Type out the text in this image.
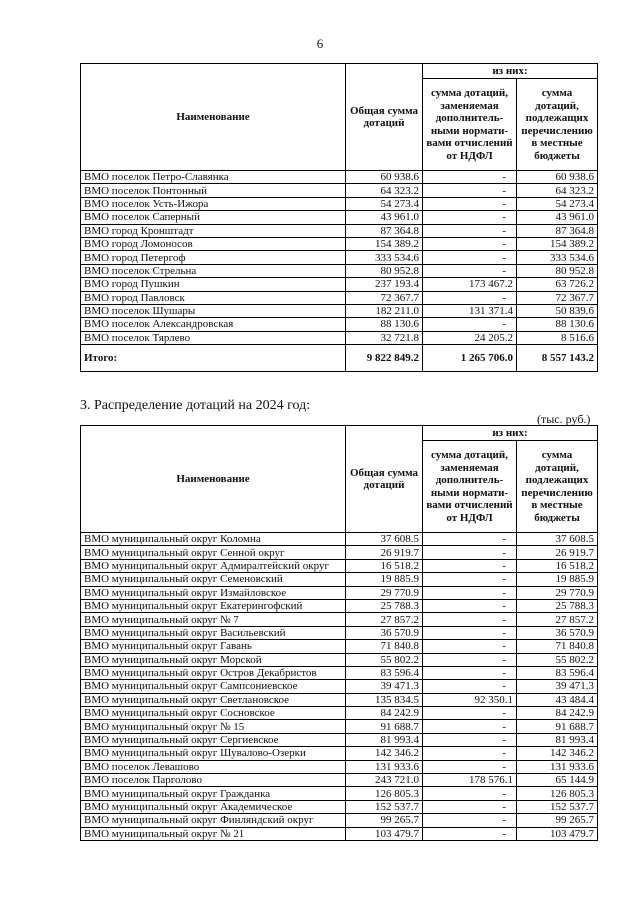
6
Наименование	Общая сумма дотаций	из них:	
		сумма дотаций, заменяемая дополнитель-ными нормати-вами отчислений от НДФЛ	сумма дотаций, подлежащих перечислению в местные бюджеты
ВМО поселок Петро-Славянка	60 938.6	-	60 938.6
ВМО поселок Понтонный	64 323.2	-	64 323.2
ВМО поселок Усть-Ижора	54 273.4	-	54 273.4
ВМО поселок Саперный	43 961.0	-	43 961.0
ВМО город Кронштадт	87 364.8	-	87 364.8
ВМО город Ломоносов	154 389.2	-	154 389.2
ВМО город Петергоф	333 534.6	-	333 534.6
ВМО поселок Стрельна	80 952.8	-	80 952.8
ВМО город Пушкин	237 193.4	173 467.2	63 726.2
ВМО город Павловск	72 367.7	-	72 367.7
ВМО поселок Шушары	182 211.0	131 371.4	50 839.6
ВМО поселок Александровская	88 130.6	-	88 130.6
ВМО поселок Тярлево	32 721.8	24 205.2	8 516.6
Итого:	9 822 849.2	1 265 706.0	8 557 143.2
3. Распределение дотаций на 2024 год:
(тыс. руб.)
Наименование	Общая сумма дотаций	из них:	
		сумма дотаций, заменяемая дополнитель-ными нормати-вами отчислений от НДФЛ	сумма дотаций, подлежащих перечислению в местные бюджеты
ВМО муниципальный округ Коломна	37 608.5	-	37 608.5
ВМО муниципальный округ Сенной округ	26 919.7	-	26 919.7
ВМО муниципальный округ Адмиралтейский округ	16 518.2	-	16 518.2
ВМО муниципальный округ Семеновский	19 885.9	-	19 885.9
ВМО муниципальный округ Измайловское	29 770.9	-	29 770.9
ВМО муниципальный округ Екатерингофский	25 788.3	-	25 788.3
ВМО муниципальный округ № 7	27 857.2	-	27 857.2
ВМО муниципальный округ Васильевский	36 570.9	-	36 570.9
ВМО муниципальный округ Гавань	71 840.8	-	71 840.8
ВМО муниципальный округ Морской	55 802.2	-	55 802.2
ВМО муниципальный округ Остров Декабристов	83 596.4	-	83 596.4
ВМО муниципальный округ Сампсониевское	39 471.3	-	39 471.3
ВМО муниципальный округ Светлановское	135 834.5	92 350.1	43 484.4
ВМО муниципальный округ Сосновское	84 242.9	-	84 242.9
ВМО муниципальный округ № 15	91 688.7	-	91 688.7
ВМО муниципальный округ Сергиевское	81 993.4	-	81 993.4
ВМО муниципальный округ Шувалово-Озерки	142 346.2	-	142 346.2
ВМО поселок Левашово	131 933.6	-	131 933.6
ВМО поселок Парголово	243 721.0	178 576.1	65 144.9
ВМО муниципальный округ Гражданка	126 805.3	-	126 805.3
ВМО муниципальный округ Академическое	152 537.7	-	152 537.7
ВМО муниципальный округ Финляндский округ	99 265.7	-	99 265.7
ВМО муниципальный округ № 21	103 479.7	-	103 479.7
